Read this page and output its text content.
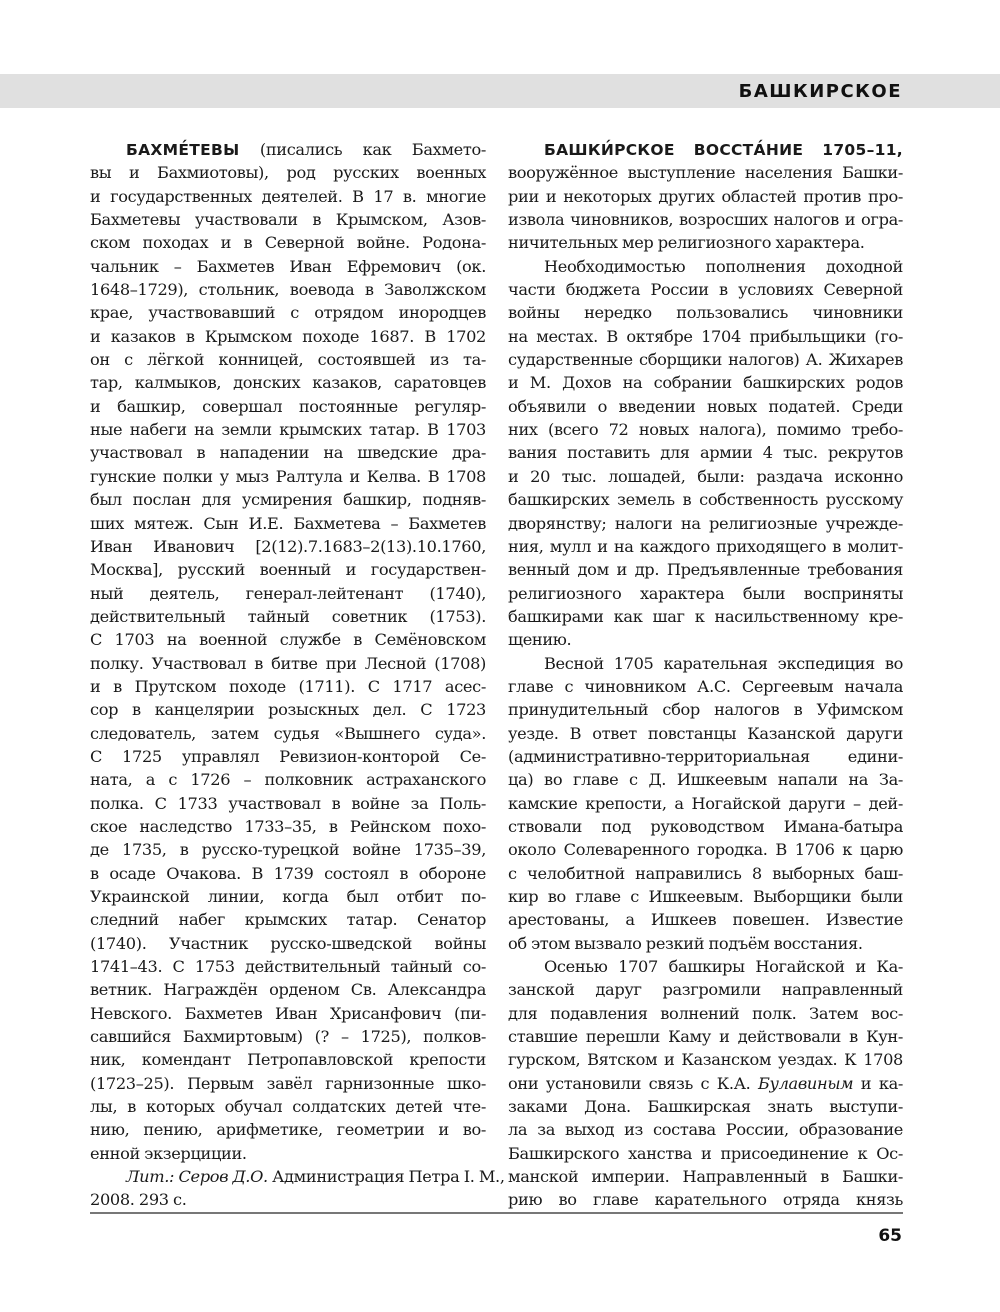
БАШКИРСКОЕ
БАХМЕ́ТЕВЫ (писались как Бахмето-
вы и Бахмиотовы), род русских военных
и государственных деятелей. В 17 в. многие
Бахметевы участвовали в Крымском, Азов-
ском походах и в Северной войне. Родона-
чальник – Бахметев Иван Ефремович (ок.
1648–1729), стольник, воевода в Заволжском
крае, участвовавший с отрядом инородцев
и казаков в Крымском походе 1687. В 1702
он с лёгкой конницей, состоявшей из та-
тар, калмыков, донских казаков, саратовцев
и башкир, совершал постоянные регуляр-
ные набеги на земли крымских татар. В 1703
участвовал в нападении на шведские дра-
гунские полки у мыз Ралтула и Келва. В 1708
был послан для усмирения башкир, подняв-
ших мятеж. Сын И.Е. Бахметева – Бахметев
Иван Иванович [2(12).7.1683–2(13).10.1760,
Москва], русский военный и государствен-
ный деятель, генерал-лейтенант (1740),
действительный тайный советник (1753).
С 1703 на военной службе в Семёновском
полку. Участвовал в битве при Лесной (1708)
и в Прутском походе (1711). С 1717 асес-
сор в канцелярии розыскных дел. С 1723
следователь, затем судья «Вышнего суда».
С 1725 управлял Ревизион-конторой Се-
ната, а с 1726 – полковник астраханского
полка. С 1733 участвовал в войне за Поль-
ское наследство 1733–35, в Рейнском похо-
де 1735, в русско-турецкой войне 1735–39,
в осаде Очакова. В 1739 состоял в обороне
Украинской линии, когда был отбит по-
следний набег крымских татар. Сенатор
(1740). Участник русско-шведской войны
1741–43. С 1753 действительный тайный со-
ветник. Награждён орденом Св. Александра
Невского. Бахметев Иван Хрисанфович (пи-
савшийся Бахмиртовым) (? – 1725), полков-
ник, комендант Петропавловской крепости
(1723–25). Первым завёл гарнизонные шко-
лы, в которых обучал солдатских детей чте-
нию, пению, арифметике, геометрии и во-
енной экзерциции.
Лит.: Серов Д.О. Администрация Петра I. М.,
2008. 293 с.
БАШКИ́РСКОЕ ВОССТА́НИЕ 1705–11,
вооружённое выступление населения Башки-
рии и некоторых других областей против про-
извола чиновников, возросших налогов и огра-
ничительных мер религиозного характера.
Необходимостью пополнения доходной
части бюджета России в условиях Северной
войны нередко пользовались чиновники
на местах. В октябре 1704 прибыльщики (го-
сударственные сборщики налогов) А. Жихарев
и М. Дохов на собрании башкирских родов
объявили о введении новых податей. Среди
них (всего 72 новых налога), помимо требо-
вания поставить для армии 4 тыс. рекрутов
и 20 тыс. лошадей, были: раздача исконно
башкирских земель в собственность русскому
дворянству; налоги на религиозные учрежде-
ния, мулл и на каждого приходящего в молит-
венный дом и др. Предъявленные требования
религиозного характера были восприняты
башкирами как шаг к насильственному кре-
щению.
Весной 1705 карательная экспедиция во
главе с чиновником А.С. Сергеевым начала
принудительный сбор налогов в Уфимском
уезде. В ответ повстанцы Казанской даруги
(административно-территориальная едини-
ца) во главе с Д. Ишкеевым напали на За-
камские крепости, а Ногайской даруги – дей-
ствовали под руководством Имана-батыра
около Солеваренного городка. В 1706 к царю
с челобитной направились 8 выборных баш-
кир во главе с Ишкеевым. Выборщики были
арестованы, а Ишкеев повешен. Известие
об этом вызвало резкий подъём восстания.
Осенью 1707 башкиры Ногайской и Ка-
занской даруг разгромили направленный
для подавления волнений полк. Затем вос-
ставшие перешли Каму и действовали в Кун-
гурском, Вятском и Казанском уездах. К 1708
они установили связь с К.А. Булавиным и ка-
заками Дона. Башкирская знать выступи-
ла за выход из состава России, образование
Башкирского ханства и присоединение к Ос-
манской империи. Направленный в Башки-
рию во главе карательного отряда князь
65
